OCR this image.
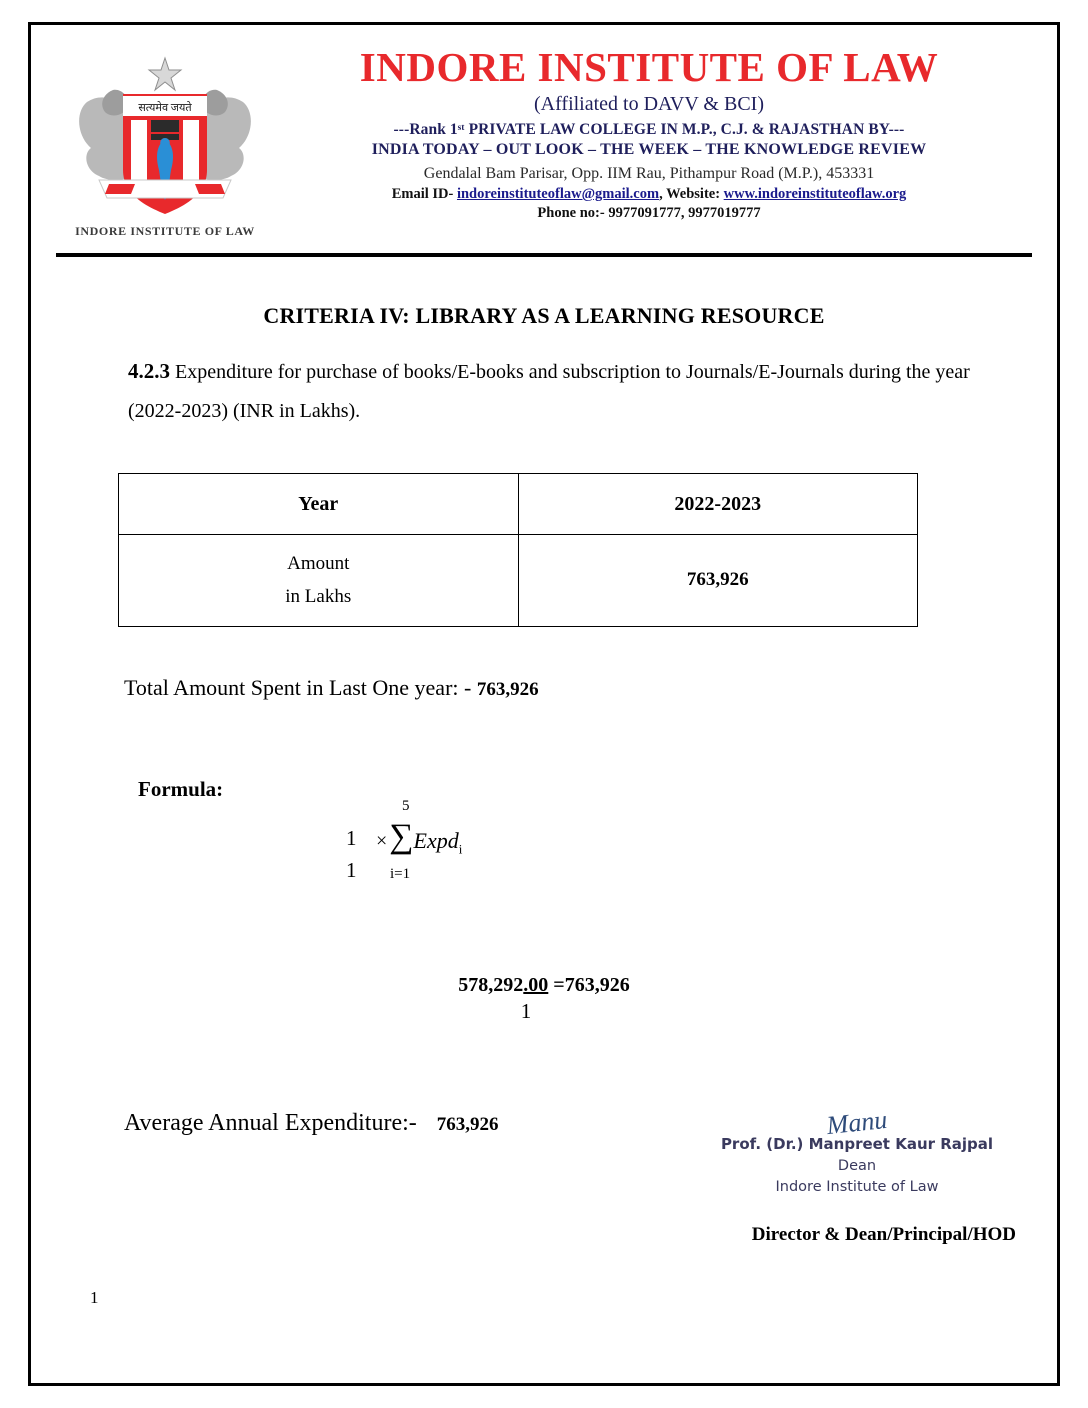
सत्यमेव जयते
INDORE INSTITUTE OF LAW
INDORE INSTITUTE OF LAW
(Affiliated to DAVV & BCI)
---Rank 1ˢᵗ PRIVATE LAW COLLEGE IN M.P., C.J. & RAJASTHAN BY---
INDIA TODAY – OUT LOOK – THE WEEK – THE KNOWLEDGE REVIEW
Gendalal Bam Parisar, Opp. IIM Rau, Pithampur Road (M.P.), 453331
Email ID- indoreinstituteoflaw@gmail.com, Website: www.indoreinstituteoflaw.org
Phone no:- 9977091777, 9977019777
CRITERIA IV: LIBRARY AS A LEARNING RESOURCE
4.2.3 Expenditure for purchase of books/E-books and subscription to Journals/E-Journals during the year (2022-2023) (INR in Lakhs).
Year	2022-2023

Amount
in Lakhs	763,926
Total Amount Spent in Last One year: - 763,926
Formula:
1
1
× ∑ Expd$_i$
5
i=1
578,292.00 =763,926
1
Average Annual Expenditure:- 763,926	Manu
Prof. (Dr.) Manpreet Kaur Rajpal
Dean
Indore Institute of Law
Director & Dean/Principal/HOD
1
